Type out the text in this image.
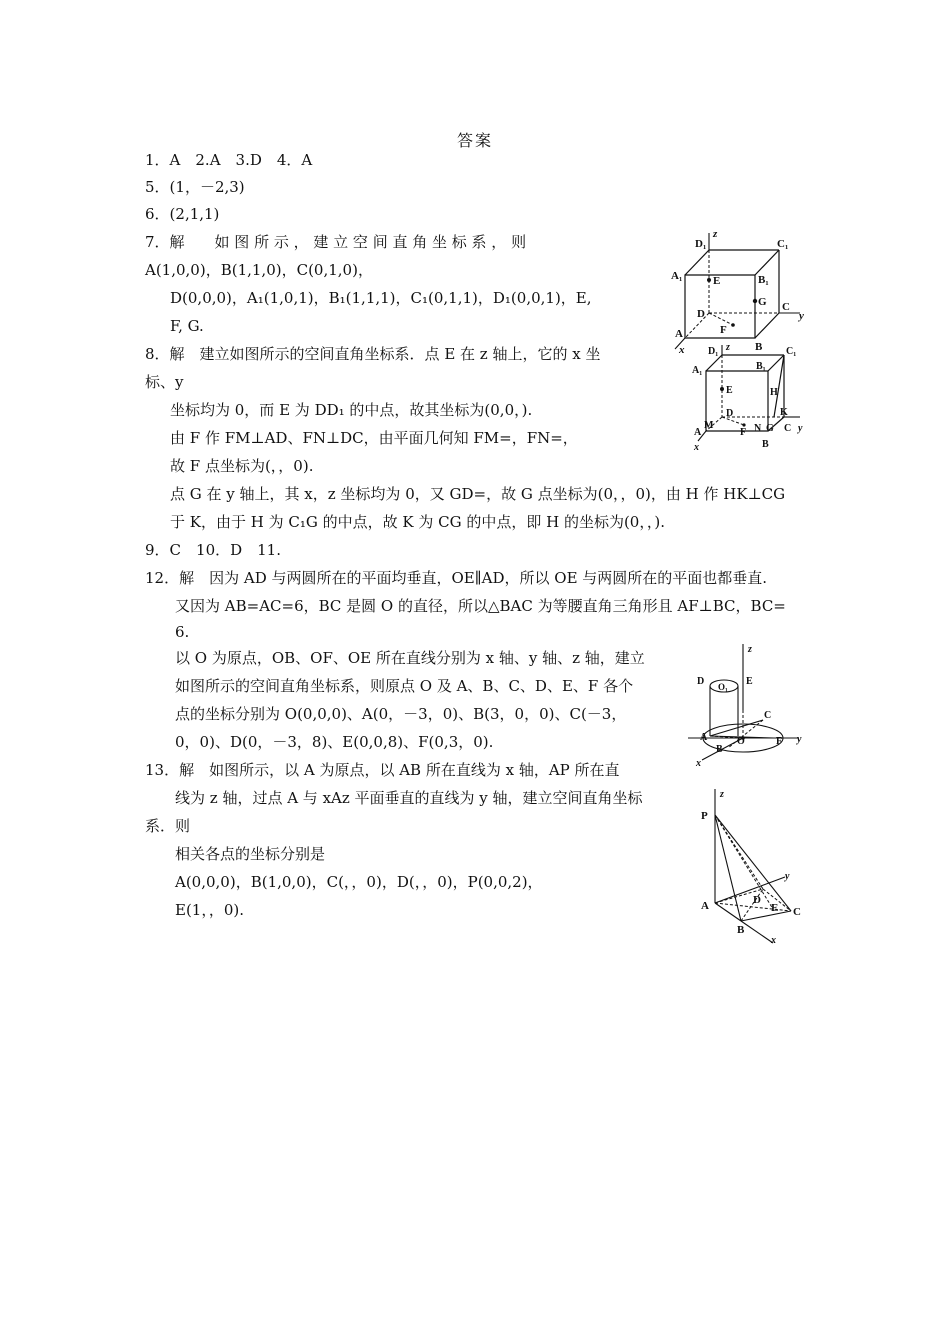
答案
1．A　2.A　3.D　4．A
5．(1，－2,3)
6．(2,1,1)
7．解　　如 图 所 示 ， 建 立 空 间 直 角 坐 标 系 ， 则
A(1,0,0)，B(1,1,0)，C(0,1,0)，
D(0,0,0)，A₁(1,0,1)，B₁(1,1,1)，C₁(0,1,1)，D₁(0,0,1)，E,
F, G.
8．解　建立如图所示的空间直角坐标系．点 E 在 z 轴上，它的 x 坐
标、y
坐标均为 0，而 E 为 DD₁ 的中点，故其坐标为(0,0，).
由 F 作 FM⊥AD、FN⊥DC，由平面几何知 FM=，FN=，
故 F 点坐标为(，，0).
点 G 在 y 轴上，其 x，z 坐标均为 0，又 GD=，故 G 点坐标为(0，，0)，由 H 作 HK⊥CG
于 K，由于 H 为 C₁G 的中点，故 K 为 CG 的中点，即 H 的坐标为(0，，).
9．C　10．D　11.
12．解　因为 AD 与两圆所在的平面均垂直，OE∥AD，所以 OE 与两圆所在的平面也都垂直.
又因为 AB=AC=6，BC 是圆 O 的直径，所以△BAC 为等腰直角三角形且 AF⊥BC，BC=
6.
以 O 为原点，OB、OF、OE 所在直线分别为 x 轴、y 轴、z 轴，建立
如图所示的空间直角坐标系，则原点 O 及 A、B、C、D、E、F 各个
点的坐标分别为 O(0,0,0)、A(0，－3，0)、B(3，0，0)、C(－3，
0，0)、D(0，－3，8)、E(0,0,8)、F(0,3，0).
13．解　如图所示，以 A 为原点，以 AB 所在直线为 x 轴，AP 所在直
线为 z 轴，过点 A 与 xAz 平面垂直的直线为 y 轴，建立空间直角坐标
系．则
相关各点的坐标分别是
A(0,0,0)，B(1,0,0)，C(，，0)，D(，，0)，P(0,0,2)，
E(1，，0).
D₁
z
C₁
A₁	B₁
E
G
D
C
y
A	F
B
x D₁ z	C₁
A₁	B₁
E	H
D	K
A
M
F N G C y
x	B
z
D O₁ E
C
A
B
O	F y
x
z
P
y
A	D
E C
B
x
